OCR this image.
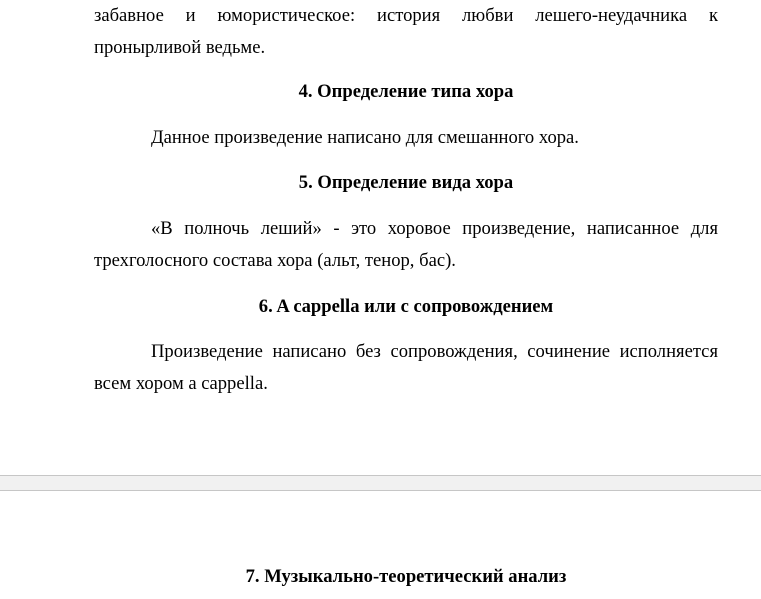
забавное и юмористическое: история любви лешего-неудачника к пронырливой ведьме.

4. Определение типа хора

Данное произведение написано для смешанного хора.

5. Определение вида хора

«В полночь леший» - это хоровое произведение, написанное для трехголосного состава хора (альт, тенор, бас).

6. A cappella или с сопровождением

Произведение написано без сопровождения, сочинение исполняется всем хором a cappella.

7. Музыкально-теоретический анализ
